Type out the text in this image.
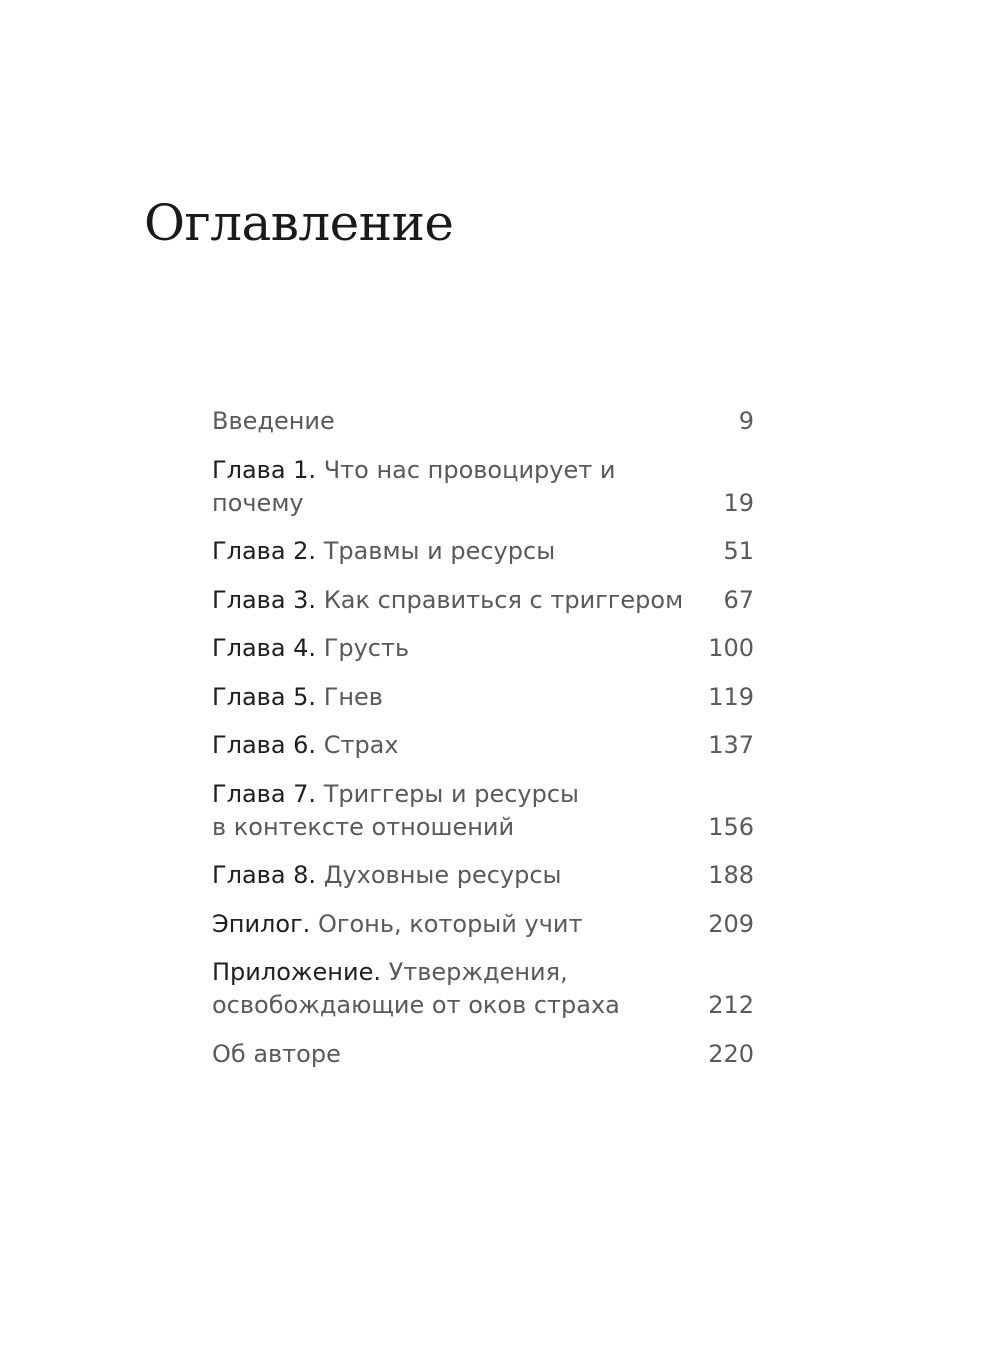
Оглавление
Введение	9
Глава 1. Что нас провоцирует и почему	19
Глава 2. Травмы и ресурсы	51
Глава 3. Как справиться с триггером	67
Глава 4. Грусть	100
Глава 5. Гнев	119
Глава 6. Страх	137
Глава 7. Триггеры и ресурсы
в контексте отношений	156
Глава 8. Духовные ресурсы	188
Эпилог. Огонь, который учит	209
Приложение. Утверждения,
освобождающие от оков страха	212
Об авторе	220
